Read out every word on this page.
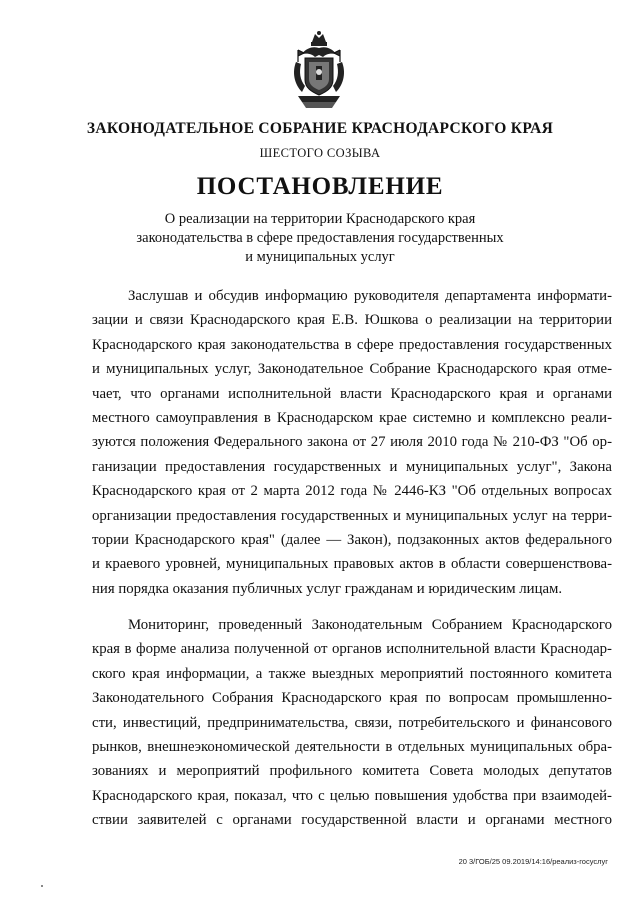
ЗАКОНОДАТЕЛЬНОЕ СОБРАНИЕ КРАСНОДАРСКОГО КРАЯ
ШЕСТОГО СОЗЫВА
ПОСТАНОВЛЕНИЕ
О реализации на территории Краснодарского края
законодательства в сфере предоставления государственных
и муниципальных услуг
Заслушав и обсудив информацию руководителя департамента информати-
зации и связи Краснодарского края Е.В. Юшкова о реализации на территории
Краснодарского края законодательства в сфере предоставления государственных
и муниципальных услуг, Законодательное Собрание Краснодарского края отме-
чает, что органами исполнительной власти Краснодарского края и органами
местного самоуправления в Краснодарском крае системно и комплексно реали-
зуются положения Федерального закона от 27 июля 2010 года № 210-ФЗ "Об ор-
ганизации предоставления государственных и муниципальных услуг", Закона
Краснодарского края от 2 марта 2012 года № 2446-КЗ "Об отдельных вопросах
организации предоставления государственных и муниципальных услуг на терри-
тории Краснодарского края" (далее — Закон), подзаконных актов федерального
и краевого уровней, муниципальных правовых актов в области совершенствова-
ния порядка оказания публичных услуг гражданам и юридическим лицам.
Мониторинг, проведенный Законодательным Собранием Краснодарского
края в форме анализа полученной от органов исполнительной власти Краснодар-
ского края информации, а также выездных мероприятий постоянного комитета
Законодательного Собрания Краснодарского края по вопросам промышленно-
сти, инвестиций, предпринимательства, связи, потребительского и финансового
рынков, внешнеэкономической деятельности в отдельных муниципальных обра-
зованиях и мероприятий профильного комитета Совета молодых депутатов
Краснодарского края, показал, что с целью повышения удобства при взаимодей-
ствии заявителей с органами государственной власти и органами местного
20 3/ГОБ/25 09.2019/14:16/реализ-госуслуг
